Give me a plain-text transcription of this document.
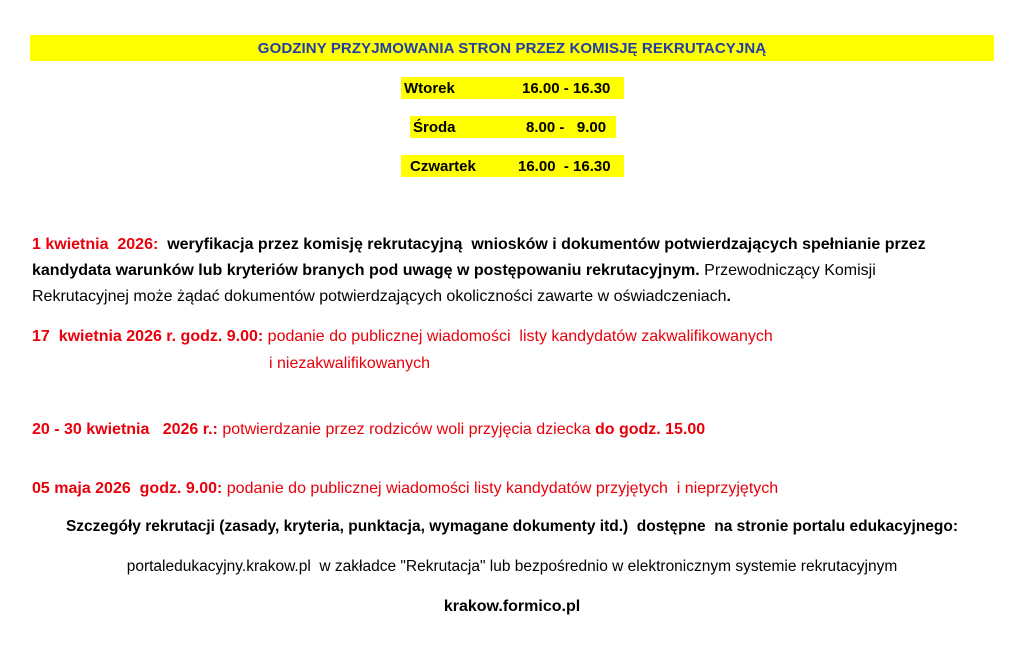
GODZINY PRZYJMOWANIA STRON PRZEZ KOMISJĘ REKRUTACYJNĄ
Wtorek	16.00 - 16.30
Środa	8.00 -   9.00
Czwartek	16.00  - 16.30
1 kwietnia  2026: weryfikacja przez komisję rekrutacyjną  wniosków i dokumentów potwierdzających spełnianie przez
kandydata warunków lub kryteriów branych pod uwagę w postępowaniu rekrutacyjnym. Przewodniczący Komisji
Rekrutacyjnej może żądać dokumentów potwierdzających okoliczności zawarte w oświadczeniach.
17  kwietnia 2026 r. godz. 9.00: podanie do publicznej wiadomości  listy kandydatów zakwalifikowanych
i niezakwalifikowanych
20 - 30 kwietnia   2026 r.: potwierdzanie przez rodziców woli przyjęcia dziecka do godz. 15.00
05 maja 2026  godz. 9.00: podanie do publicznej wiadomości listy kandydatów przyjętych  i nieprzyjętych
Szczegóły rekrutacji (zasady, kryteria, punktacja, wymagane dokumenty itd.)  dostępne  na stronie portalu edukacyjnego:
portaledukacyjny.krakow.pl  w zakładce "Rekrutacja" lub bezpośrednio w elektronicznym systemie rekrutacyjnym
krakow.formico.pl
